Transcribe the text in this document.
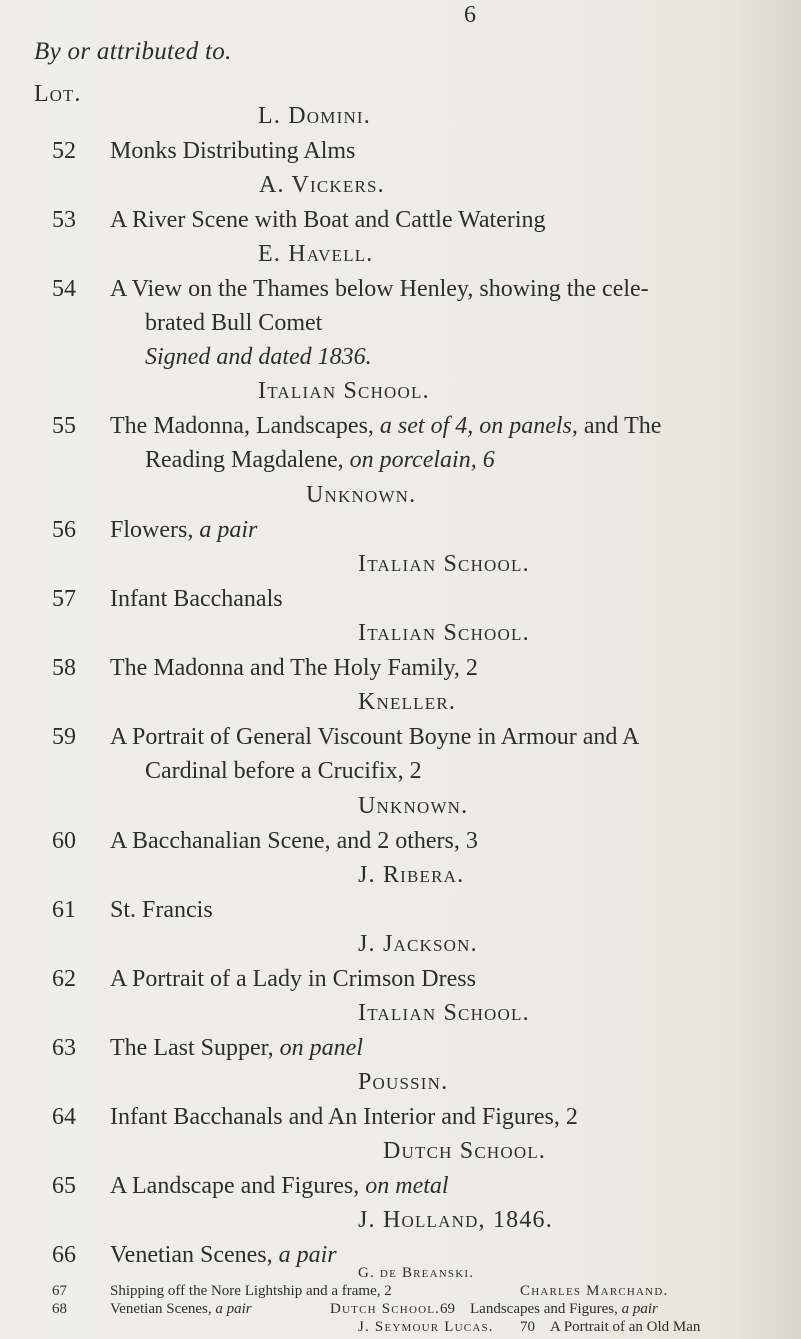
6
By or attributed to.
Lot.
L. Domini.
52 Monks Distributing Alms
A. Vickers.
53 A River Scene with Boat and Cattle Watering
E. Havell.
54 A View on the Thames below Henley, showing the cele-
brated Bull Comet
Signed and dated 1836.
Italian School.
55 The Madonna, Landscapes, a set of 4, on panels, and The
Reading Magdalene, on porcelain, 6
Unknown.
56 Flowers, a pair
Italian School.
57 Infant Bacchanals
Italian School.
58 The Madonna and The Holy Family, 2
Kneller.
59 A Portrait of General Viscount Boyne in Armour and A
Cardinal before a Crucifix, 2
Unknown.
60 A Bacchanalian Scene, and 2 others, 3
J. Ribera.
61 St. Francis
J. Jackson.
62 A Portrait of a Lady in Crimson Dress
Italian School.
63 The Last Supper, on panel
Poussin.
64 Infant Bacchanals and An Interior and Figures, 2
Dutch School.
65 A Landscape and Figures, on metal
J. Holland, 1846.
66 Venetian Scenes, a pair
G. de Breanski.
67	Shipping off the Nore Lightship and a frame, 2	Charles Marchand.
68	Venetian Scenes, a pair	Dutch School. 69 Landscapes and Figures, a pair
J. Seymour Lucas. 70 A Portrait of an Old Man
